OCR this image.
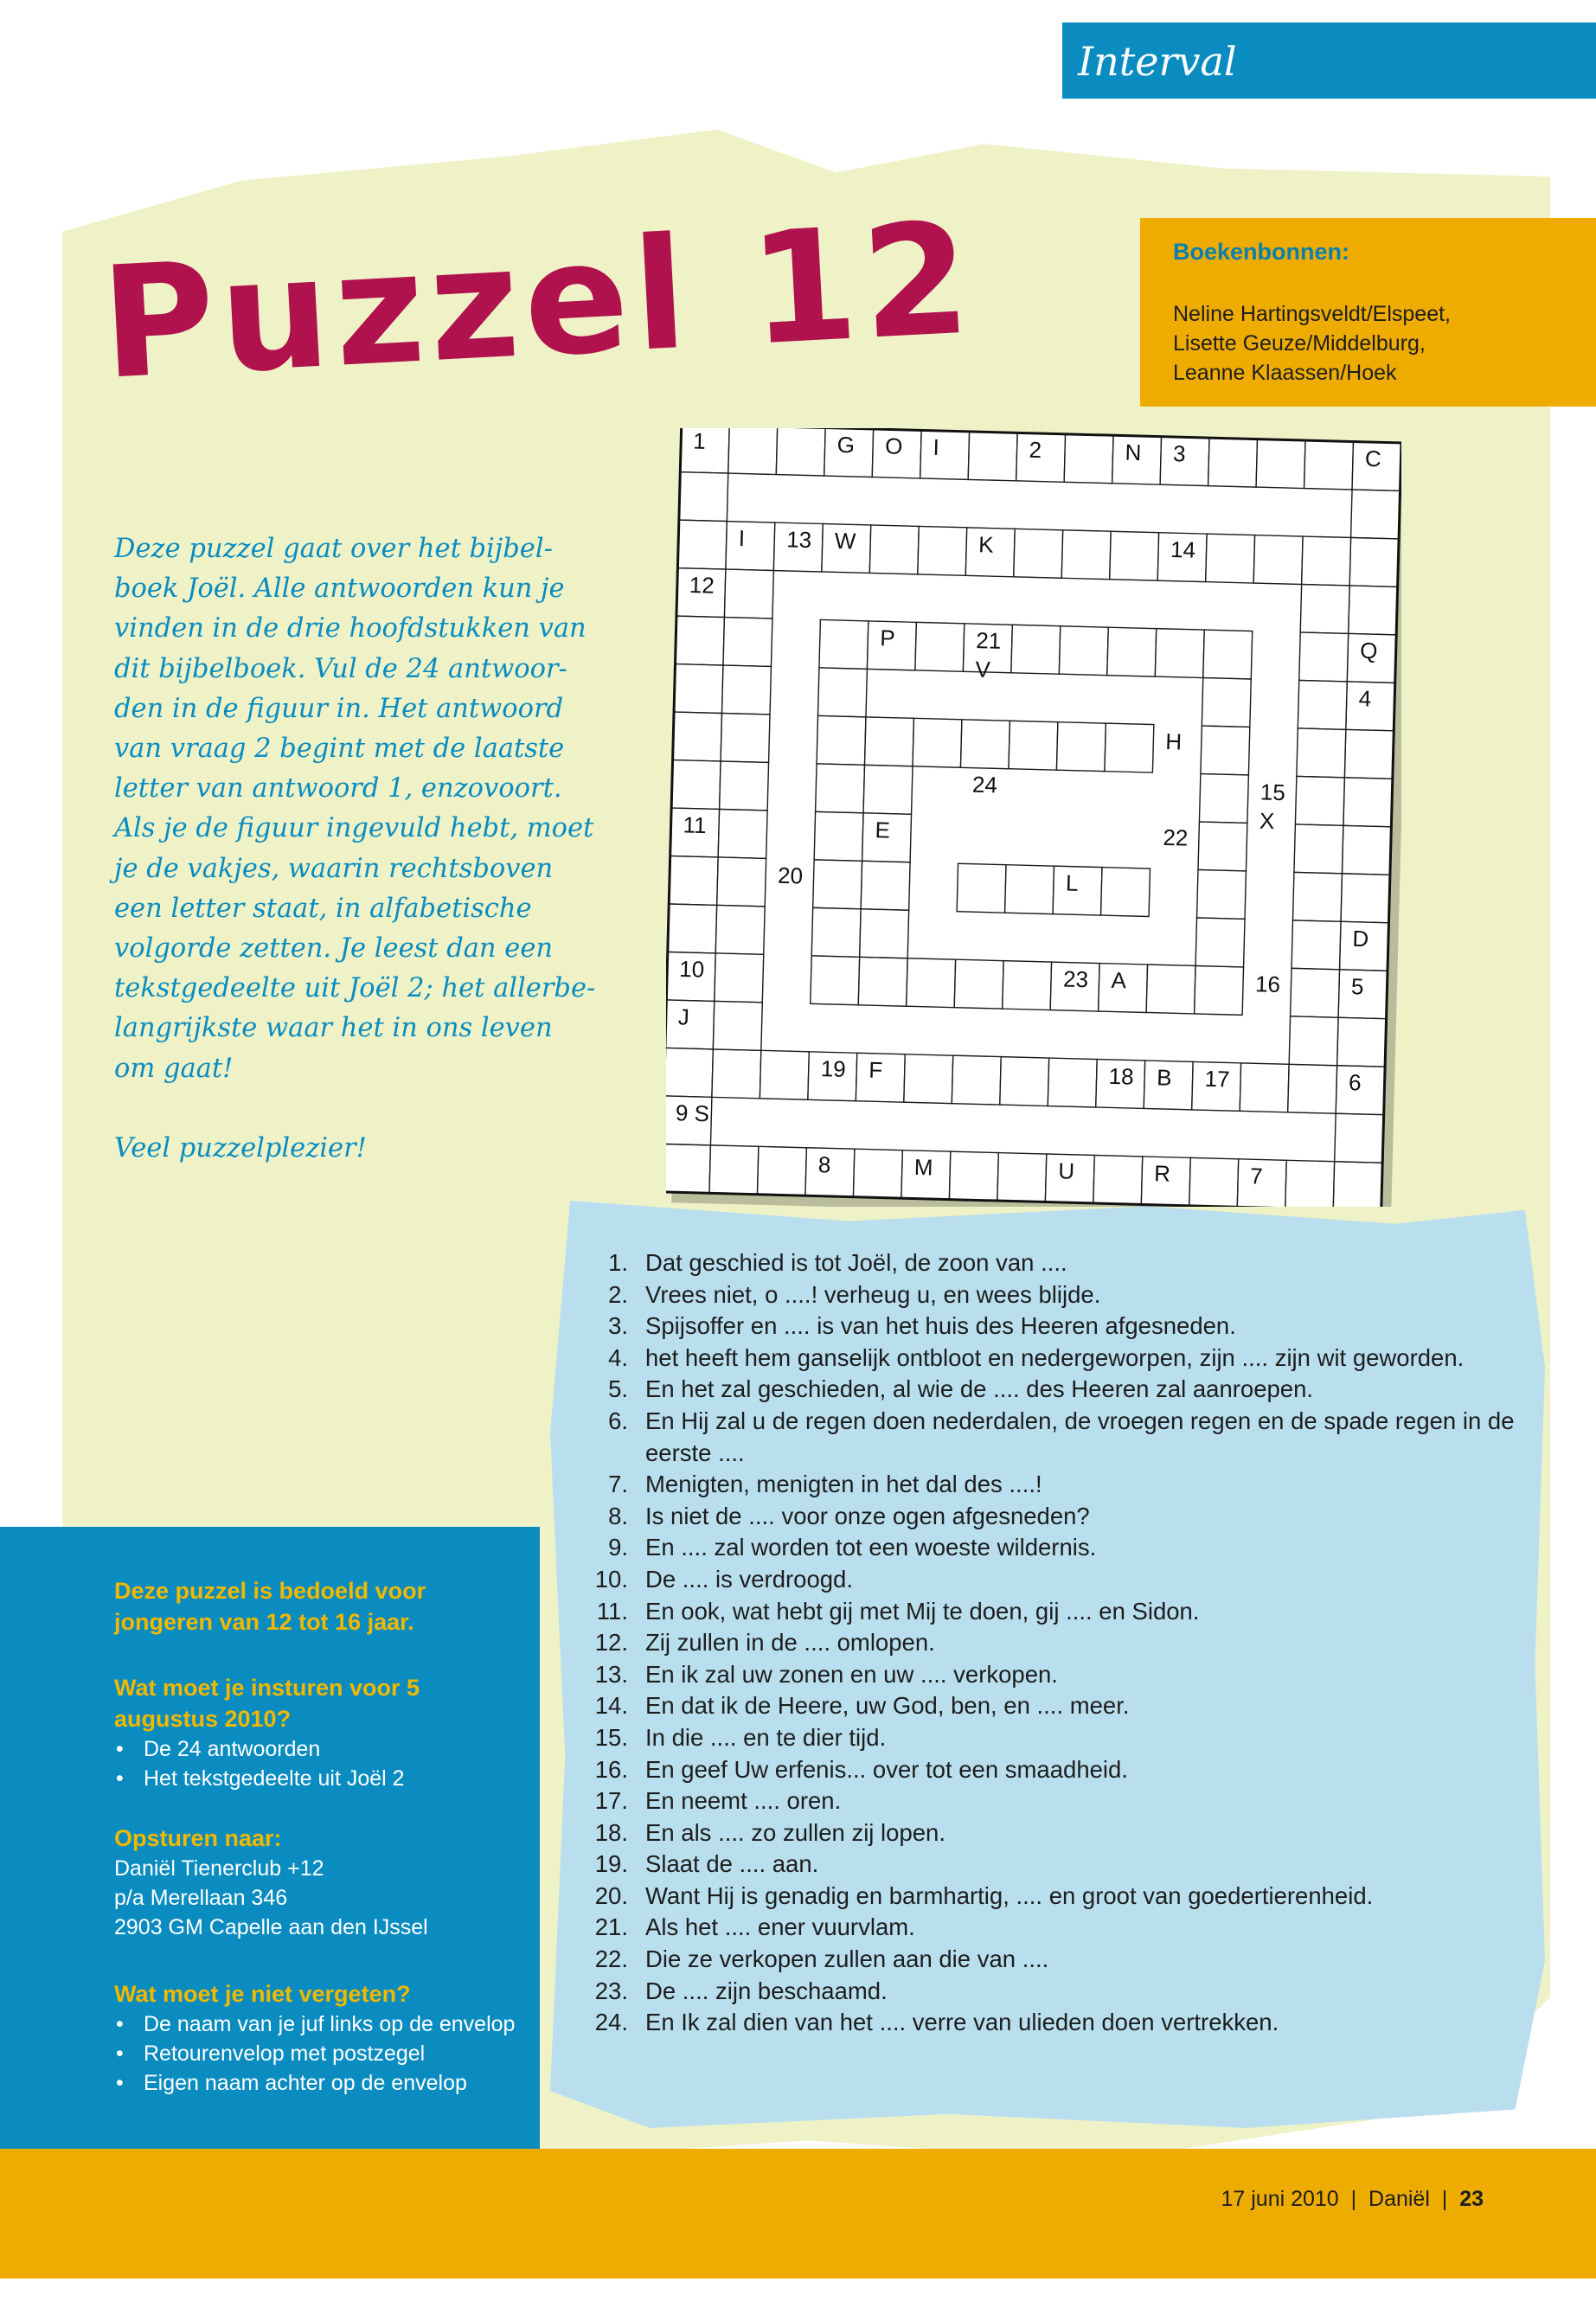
Interval
Puzzel 12	Boekenbonnen:
Neline Hartingsveldt/Elspeet,
Lisette Geuze/Middelburg,
Leanne Klaassen/Hoek
Deze puzzel gaat over het bijbel-
boek Joël. Alle antwoorden kun je
vinden in de drie hoofdstukken van
dit bijbelboek. Vul de 24 antwoor-
den in de figuur in. Het antwoord
van vraag 2 begint met de laatste
letter van antwoord 1, enzovoort.
Als je de figuur ingevuld hebt, moet
je de vakjes, waarin rechtsboven
een letter staat, in alfabetische
volgorde zetten. Je leest dan een
tekstgedeelte uit Joël 2; het allerbe-
langrijkste waar het in ons leven
om gaat!
Veel puzzelplezier!
1	G O I	2	N 3	C
I 13 W	K	14
12
Q
P	21
V
4
H
24	15
X
11	E	22
20	L
D
5
10	23 A	16
J
19 F	18 B 17	6
9 S
8	M	U	R	7
1. Dat geschied is tot Joël, de zoon van ....
2. Vrees niet, o ....! verheug u, en wees blijde.
3. Spijsoffer en .... is van het huis des Heeren afgesneden.
4. het heeft hem ganselijk ontbloot en nedergeworpen, zijn .... zijn wit geworden.
5. En het zal geschieden, al wie de .... des Heeren zal aanroepen.
6. En Hij zal u de regen doen nederdalen, de vroegen regen en de spade regen in de eerste ....
7. Menigten, menigten in het dal des ....!
8. Is niet de .... voor onze ogen afgesneden?
9. En .... zal worden tot een woeste wildernis.
10. De .... is verdroogd.
11. En ook, wat hebt gij met Mij te doen, gij .... en Sidon.
12. Zij zullen in de .... omlopen.
13. En ik zal uw zonen en uw .... verkopen.
14. En dat ik de Heere, uw God, ben, en .... meer.
15. In die .... en te dier tijd.
16. En geef Uw erfenis... over tot een smaadheid.
17. En neemt .... oren.
18. En als .... zo zullen zij lopen.
19. Slaat de .... aan.
20. Want Hij is genadig en barmhartig, .... en groot van goedertierenheid.
21. Als het .... ener vuurvlam.
22. Die ze verkopen zullen aan die van ....
23. De .... zijn beschaamd.
24. En Ik zal dien van het .... verre van ulieden doen vertrekken.
Deze puzzel is bedoeld voor jongeren van 12 tot 16 jaar.
Wat moet je insturen voor 5 augustus 2010?
• De 24 antwoorden
• Het tekstgedeelte uit Joël 2
Opsturen naar:
Daniël Tienerclub +12
p/a Merellaan 346
2903 GM Capelle aan den IJssel
Wat moet je niet vergeten?
• De naam van je juf links op de envelop
• Retourenvelop met postzegel
• Eigen naam achter op de envelop
17 juni 2010  |  Daniël  |  23
